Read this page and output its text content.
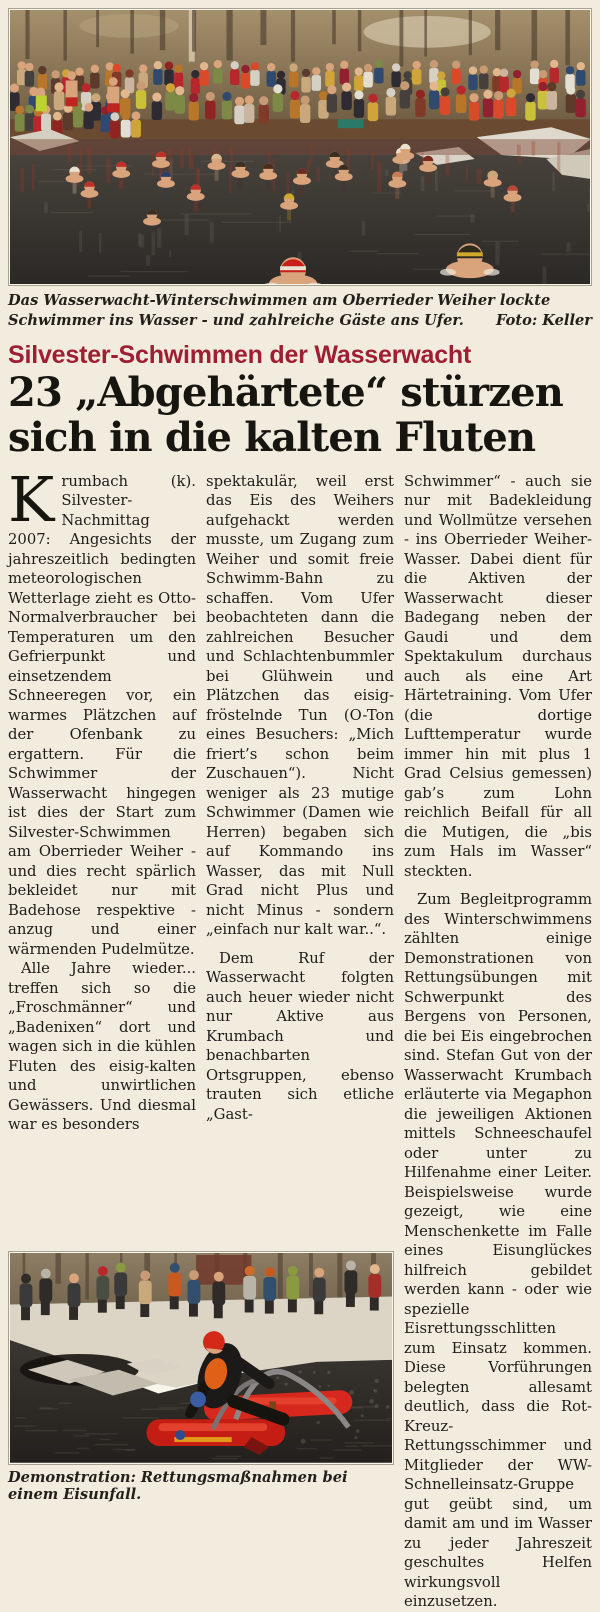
Foto: Keller
Das Wasserwacht-Winterschwimmen am Oberrieder Weiher lockte Schwimmer ins Wasser - und zahlreiche Gäste ans Ufer.
Silvester-Schwimmen der Wasserwacht
23 „Abgehärtete“ stürzen sich in die kalten Fluten

Krumbach (k). Silvester-Nachmittag 2007: Angesichts der jahreszeitlich bedingten meteorologischen Wetterlage zieht es Otto-Normalverbraucher bei Temperaturen um den Gefrierpunkt und einsetzendem Schneeregen vor, ein warmes Plätzchen auf der Ofenbank zu ergattern. Für die Schwimmer der Wasserwacht hingegen ist dies der Start zum Silvester-Schwimmen am Oberrieder Weiher - und dies recht spärlich bekleidet nur mit Badehose respektive -anzug und einer wärmenden Pudelmütze.

Alle Jahre wieder... treffen sich so die „Froschmänner“ und „Badenixen“ dort und wagen sich in die kühlen Fluten des eisig-kalten und unwirtlichen Gewässers. Und diesmal war es besonders

spektakulär, weil erst das Eis des Weihers aufgehackt werden musste, um Zugang zum Weiher und somit freie Schwimm-Bahn zu schaffen. Vom Ufer beobachteten dann die zahlreichen Besucher und Schlachtenbummler bei Glühwein und Plätzchen das eisig-fröstelnde Tun (O-Ton eines Besuchers: „Mich friert’s schon beim Zuschauen“). Nicht weniger als 23 mutige Schwimmer (Damen wie Herren) begaben sich auf Kommando ins Wasser, das mit Null Grad nicht Plus und nicht Minus - sondern „einfach nur kalt war..“.

Dem Ruf der Wasserwacht folgten auch heuer wieder nicht nur Aktive aus Krumbach und benachbarten Ortsgruppen, ebenso trauten sich etliche „Gast-

Schwimmer“ - auch sie nur mit Badekleidung und Wollmütze versehen - ins Oberrieder Weiher-Wasser. Dabei dient für die Aktiven der Wasserwacht dieser Badegang neben der Gaudi und dem Spektakulum durchaus auch als eine Art Härtetraining. Vom Ufer (die dortige Lufttemperatur wurde immer hin mit plus 1 Grad Celsius gemessen) gab’s zum Lohn reichlich Beifall für all die Mutigen, die „bis zum Hals im Wasser“ steckten.

Zum Begleitprogramm des Winterschwimmens zählten einige Demonstrationen von Rettungsübungen mit Schwerpunkt des Bergens von Personen, die bei Eis eingebrochen sind. Stefan Gut von der Wasserwacht Krumbach erläuterte via Megaphon die jeweiligen Aktionen mittels Schneeschaufel oder unter zu Hilfenahme einer Leiter. Beispielsweise wurde gezeigt, wie eine Menschenkette im Falle eines Eisunglückes hilfreich gebildet werden kann - oder wie spezielle Eisrettungsschlitten zum Einsatz kommen. Diese Vorführungen belegten allesamt deutlich, dass die Rot-Kreuz-Rettungsschimmer und Mitglieder der WW-Schnelleinsatz-Gruppe gut geübt sind, um damit am und im Wasser zu jeder Jahreszeit geschultes Helfen wirkungsvoll einzusetzen.

Demonstration: Rettungsmaßnahmen bei einem Eisunfall.
